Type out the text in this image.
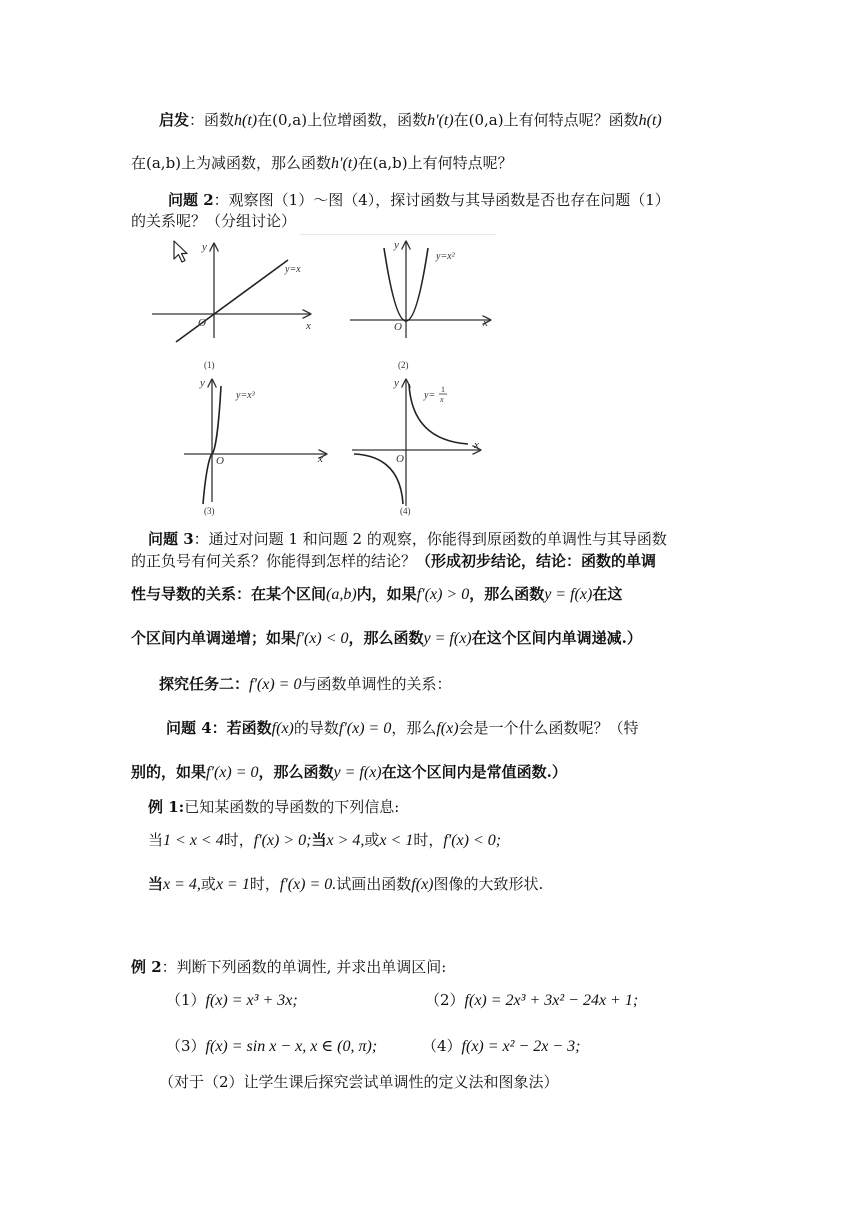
启发：函数h(t)在(0,a)上位增函数，函数h'(t)在(0,a)上有何特点呢？函数h(t)
在(a,b)上为减函数，那么函数h'(t)在(a,b)上有何特点呢？
问题 2：观察图（1）～图（4），探讨函数与其导函数是否也存在问题（1）
的关系呢？（分组讨论）
x
y
O
y=x
(1)
x
y
O
y=x²
(2)
x
y
O
y=x³
(3)
x
y
O
y=
1
x
(4)
问题 3：通过对问题 1 和问题 2 的观察，你能得到原函数的单调性与其导函数
的正负号有何关系？你能得到怎样的结论？（形成初步结论，结论：函数的单调
性与导数的关系：在某个区间(a,b)内，如果f′(x) > 0，那么函数y = f(x)在这
个区间内单调递增；如果f′(x) < 0，那么函数y = f(x)在这个区间内单调递减.）
探究任务二：f'(x) = 0与函数单调性的关系：
问题 4：若函数f(x)的导数f'(x) = 0，那么f(x)会是一个什么函数呢？（特
别的，如果f′(x) = 0，那么函数y = f(x)在这个区间内是常值函数.）
例 1:已知某函数的导函数的下列信息:
当1 < x < 4时，f'(x) > 0;当x > 4,或x < 1时，f'(x) < 0;
当x = 4,或x = 1时，f'(x) = 0.试画出函数f(x)图像的大致形状.
例 2：判断下列函数的单调性, 并求出单调区间:
（1）f(x) = x³ + 3x;	（2）f(x) = 2x³ + 3x² − 24x + 1;
（3）f(x) = sin x − x, x ∈ (0, π);	（4）f(x) = x² − 2x − 3;
（对于（2）让学生课后探究尝试单调性的定义法和图象法）
